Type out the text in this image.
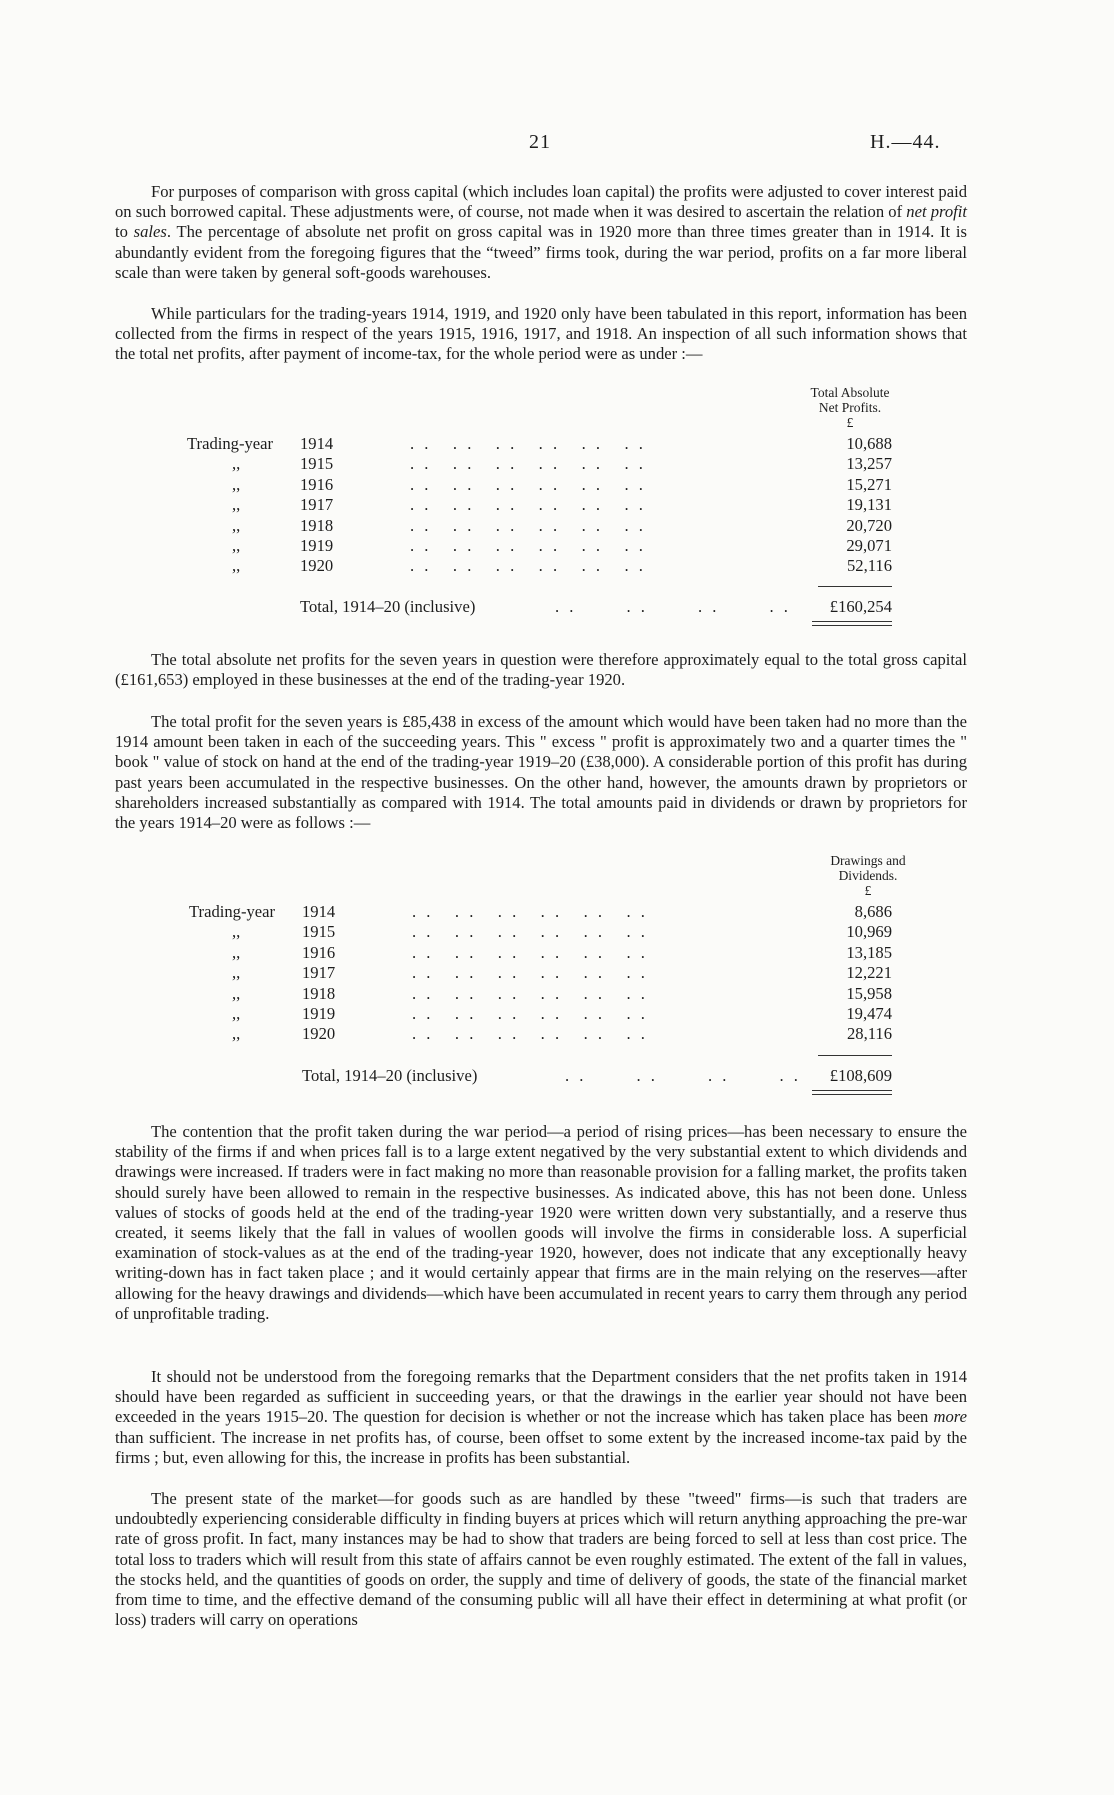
21	H.—44.

For purposes of comparison with gross capital (which includes loan capital) the profits were adjusted to cover interest paid on such borrowed capital. These adjustments were, of course, not made when it was desired to ascertain the relation of net profit to sales. The percentage of absolute net profit on gross capital was in 1920 more than three times greater than in 1914. It is abundantly evident from the foregoing figures that the “tweed” firms took, during the war period, profits on a far more liberal scale than were taken by general soft-goods warehouses.

While particulars for the trading-years 1914, 1919, and 1920 only have been tabulated in this report, information has been collected from the firms in respect of the years 1915, 1916, 1917, and 1918. An inspection of all such information shows that the total net profits, after payment of income-tax, for the whole period were as under :—

Total Absolute
Net Profits.
£
Trading-year 1914	. .   . .   . .   . .   . .   . .	10,688
,,	1915	. .   . .   . .   . .   . .   . .	13,257
,,	1916	. .   . .   . .   . .   . .   . .	15,271
,,	1917	. .   . .   . .   . .   . .   . .	19,131
,,	1918	. .   . .   . .   . .   . .   . .	20,720
,,	1919	. .   . .   . .   . .   . .   . .	29,071
,,	1920	. .   . .   . .   . .   . .   . .	52,116
Total, 1914–20 (inclusive)	. .       . .       . .       . .	£160,254

The total absolute net profits for the seven years in question were therefore approximately equal to the total gross capital (£161,653) employed in these businesses at the end of the trading-year 1920.

The total profit for the seven years is £85,438 in excess of the amount which would have been taken had no more than the 1914 amount been taken in each of the succeeding years. This " excess " profit is approximately two and a quarter times the " book " value of stock on hand at the end of the trading-year 1919–20 (£38,000). A considerable portion of this profit has during past years been accumulated in the respective businesses. On the other hand, however, the amounts drawn by proprietors or shareholders increased substantially as compared with 1914. The total amounts paid in dividends or drawn by proprietors for the years 1914–20 were as follows :—

Drawings and
Dividends.
£
Trading-year 1914	. .   . .   . .   . .   . .   . .	8,686
,,	1915	. .   . .   . .   . .   . .   . .	10,969
,,	1916	. .   . .   . .   . .   . .   . .	13,185
,,	1917	. .   . .   . .   . .   . .   . .	12,221
,,	1918	. .   . .   . .   . .   . .   . .	15,958
,,	1919	. .   . .   . .   . .   . .   . .	19,474
,,	1920	. .   . .   . .   . .   . .   . .	28,116
Total, 1914–20 (inclusive)	. .       . .       . .       . .	£108,609

The contention that the profit taken during the war period—a period of rising prices—has been necessary to ensure the stability of the firms if and when prices fall is to a large extent negatived by the very substantial extent to which dividends and drawings were increased. If traders were in fact making no more than reasonable provision for a falling market, the profits taken should surely have been allowed to remain in the respective businesses. As indicated above, this has not been done. Unless values of stocks of goods held at the end of the trading-year 1920 were written down very substantially, and a reserve thus created, it seems likely that the fall in values of woollen goods will involve the firms in considerable loss. A superficial examination of stock-values as at the end of the trading-year 1920, however, does not indicate that any exceptionally heavy writing-down has in fact taken place ; and it would certainly appear that firms are in the main relying on the reserves—after allowing for the heavy drawings and dividends—which have been accumulated in recent years to carry them through any period of unprofitable trading.

It should not be understood from the foregoing remarks that the Department considers that the net profits taken in 1914 should have been regarded as sufficient in succeeding years, or that the drawings in the earlier year should not have been exceeded in the years 1915–20. The question for decision is whether or not the increase which has taken place has been more than sufficient. The increase in net profits has, of course, been offset to some extent by the increased income-tax paid by the firms ; but, even allowing for this, the increase in profits has been substantial.

The present state of the market—for goods such as are handled by these "tweed" firms—is such that traders are undoubtedly experiencing considerable difficulty in finding buyers at prices which will return anything approaching the pre-war rate of gross profit. In fact, many instances may be had to show that traders are being forced to sell at less than cost price. The total loss to traders which will result from this state of affairs cannot be even roughly estimated. The extent of the fall in values, the stocks held, and the quantities of goods on order, the supply and time of delivery of goods, the state of the financial market from time to time, and the effective demand of the consuming public will all have their effect in determining at what profit (or loss) traders will carry on operations
